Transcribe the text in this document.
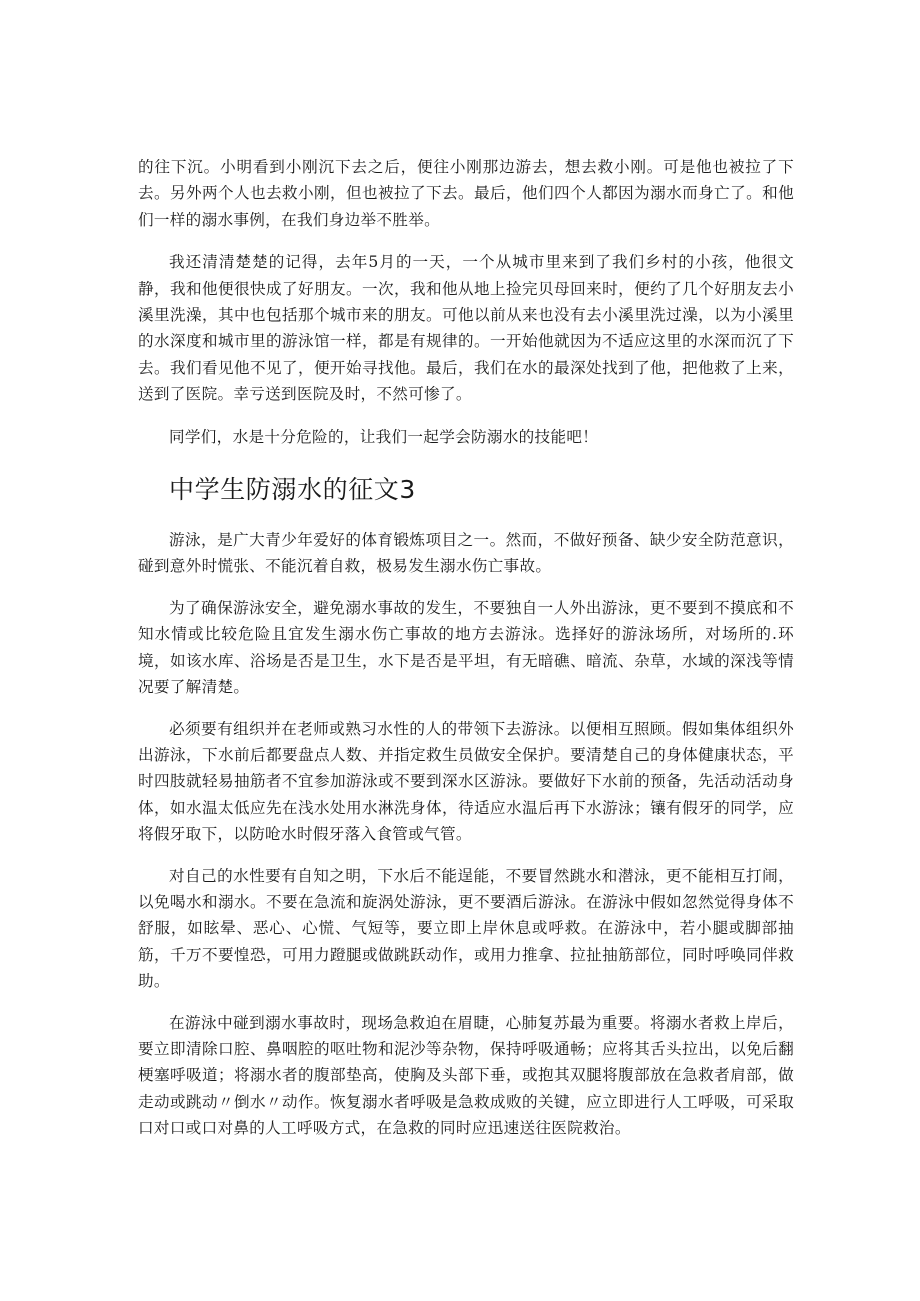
的往下沉。小明看到小刚沉下去之后，便往小刚那边游去，想去救小刚。可是他也被拉了下去。另外两个人也去救小刚，但也被拉了下去。最后，他们四个人都因为溺水而身亡了。和他们一样的溺水事例，在我们身边举不胜举。

我还清清楚楚的记得，去年5月的一天，一个从城市里来到了我们乡村的小孩，他很文静，我和他便很快成了好朋友。一次，我和他从地上捡完贝母回来时，便约了几个好朋友去小溪里洗澡，其中也包括那个城市来的朋友。可他以前从来也没有去小溪里洗过澡，以为小溪里的水深度和城市里的游泳馆一样，都是有规律的。一开始他就因为不适应这里的水深而沉了下去。我们看见他不见了，便开始寻找他。最后，我们在水的最深处找到了他，把他救了上来，送到了医院。幸亏送到医院及时，不然可惨了。

同学们，水是十分危险的，让我们一起学会防溺水的技能吧！

中学生防溺水的征文3

游泳，是广大青少年爱好的体育锻炼项目之一。然而，不做好预备、缺少安全防范意识，碰到意外时慌张、不能沉着自救，极易发生溺水伤亡事故。

为了确保游泳安全，避免溺水事故的发生，不要独自一人外出游泳，更不要到不摸底和不知水情或比较危险且宜发生溺水伤亡事故的地方去游泳。选择好的游泳场所，对场所的.环境，如该水库、浴场是否是卫生，水下是否是平坦，有无暗礁、暗流、杂草，水域的深浅等情况要了解清楚。

必须要有组织并在老师或熟习水性的人的带领下去游泳。以便相互照顾。假如集体组织外出游泳，下水前后都要盘点人数、并指定救生员做安全保护。要清楚自己的身体健康状态，平时四肢就轻易抽筋者不宜参加游泳或不要到深水区游泳。要做好下水前的预备，先活动活动身体，如水温太低应先在浅水处用水淋洗身体，待适应水温后再下水游泳；镶有假牙的同学，应将假牙取下，以防呛水时假牙落入食管或气管。

对自己的水性要有自知之明，下水后不能逞能，不要冒然跳水和潜泳，更不能相互打闹，以免喝水和溺水。不要在急流和旋涡处游泳，更不要酒后游泳。在游泳中假如忽然觉得身体不舒服，如眩晕、恶心、心慌、气短等，要立即上岸休息或呼救。在游泳中，若小腿或脚部抽筋，千万不要惶恐，可用力蹬腿或做跳跃动作，或用力推拿、拉扯抽筋部位，同时呼唤同伴救助。

在游泳中碰到溺水事故时，现场急救迫在眉睫，心肺复苏最为重要。将溺水者救上岸后，要立即清除口腔、鼻咽腔的呕吐物和泥沙等杂物，保持呼吸通畅；应将其舌头拉出，以免后翻梗塞呼吸道；将溺水者的腹部垫高，使胸及头部下垂，或抱其双腿将腹部放在急救者肩部，做走动或跳动〃倒水〃动作。恢复溺水者呼吸是急救成败的关键，应立即进行人工呼吸，可采取口对口或口对鼻的人工呼吸方式，在急救的同时应迅速送往医院救治。
